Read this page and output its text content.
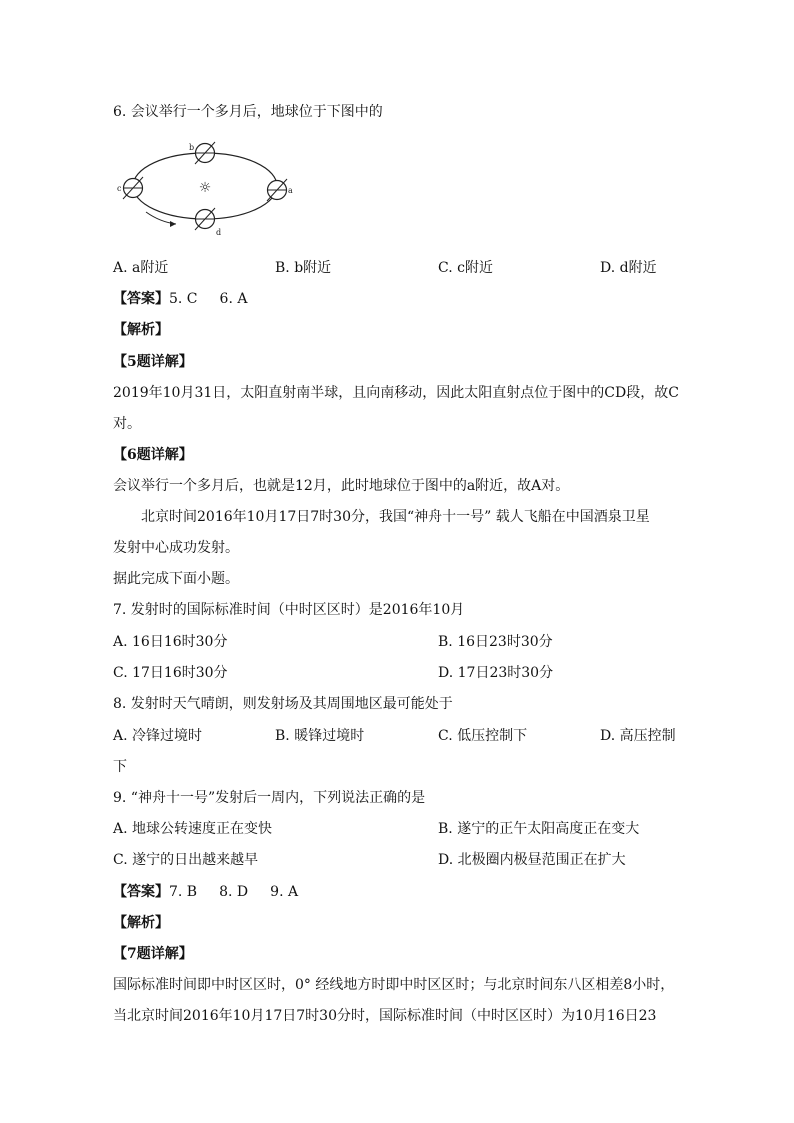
6. 会议举行一个多月后，地球位于下图中的
☼
b
d
c	a
A. a附近	B. b附近	C. c附近	D. d附近
【答案】5. C 6. A
【解析】
【5题详解】
2019年10月31日，太阳直射南半球，且向南移动，因此太阳直射点位于图中的CD段，故C
对。
【6题详解】
会议举行一个多月后，也就是12月，此时地球位于图中的a附近，故A对。
北京时间2016年10月17日7时30分，我国“神舟十一号” 载人飞船在中国酒泉卫星
发射中心成功发射。
据此完成下面小题。
7. 发射时的国际标准时间（中时区区时）是2016年10月
A. 16日16时30分	B. 16日23时30分
C. 17日16时30分	D. 17日23时30分
8. 发射时天气晴朗，则发射场及其周围地区最可能处于
A. 冷锋过境时	B. 暖锋过境时	C. 低压控制下	D. 高压控制
下
9. “神舟十一号”发射后一周内，下列说法正确的是
A. 地球公转速度正在变快	B. 遂宁的正午太阳高度正在变大
C. 遂宁的日出越来越早	D. 北极圈内极昼范围正在扩大
【答案】7. B 8. D 9. A
【解析】
【7题详解】
国际标准时间即中时区区时，0° 经线地方时即中时区区时；与北京时间东八区相差8小时，
当北京时间2016年10月17日7时30分时，国际标准时间（中时区区时）为10月16日23
